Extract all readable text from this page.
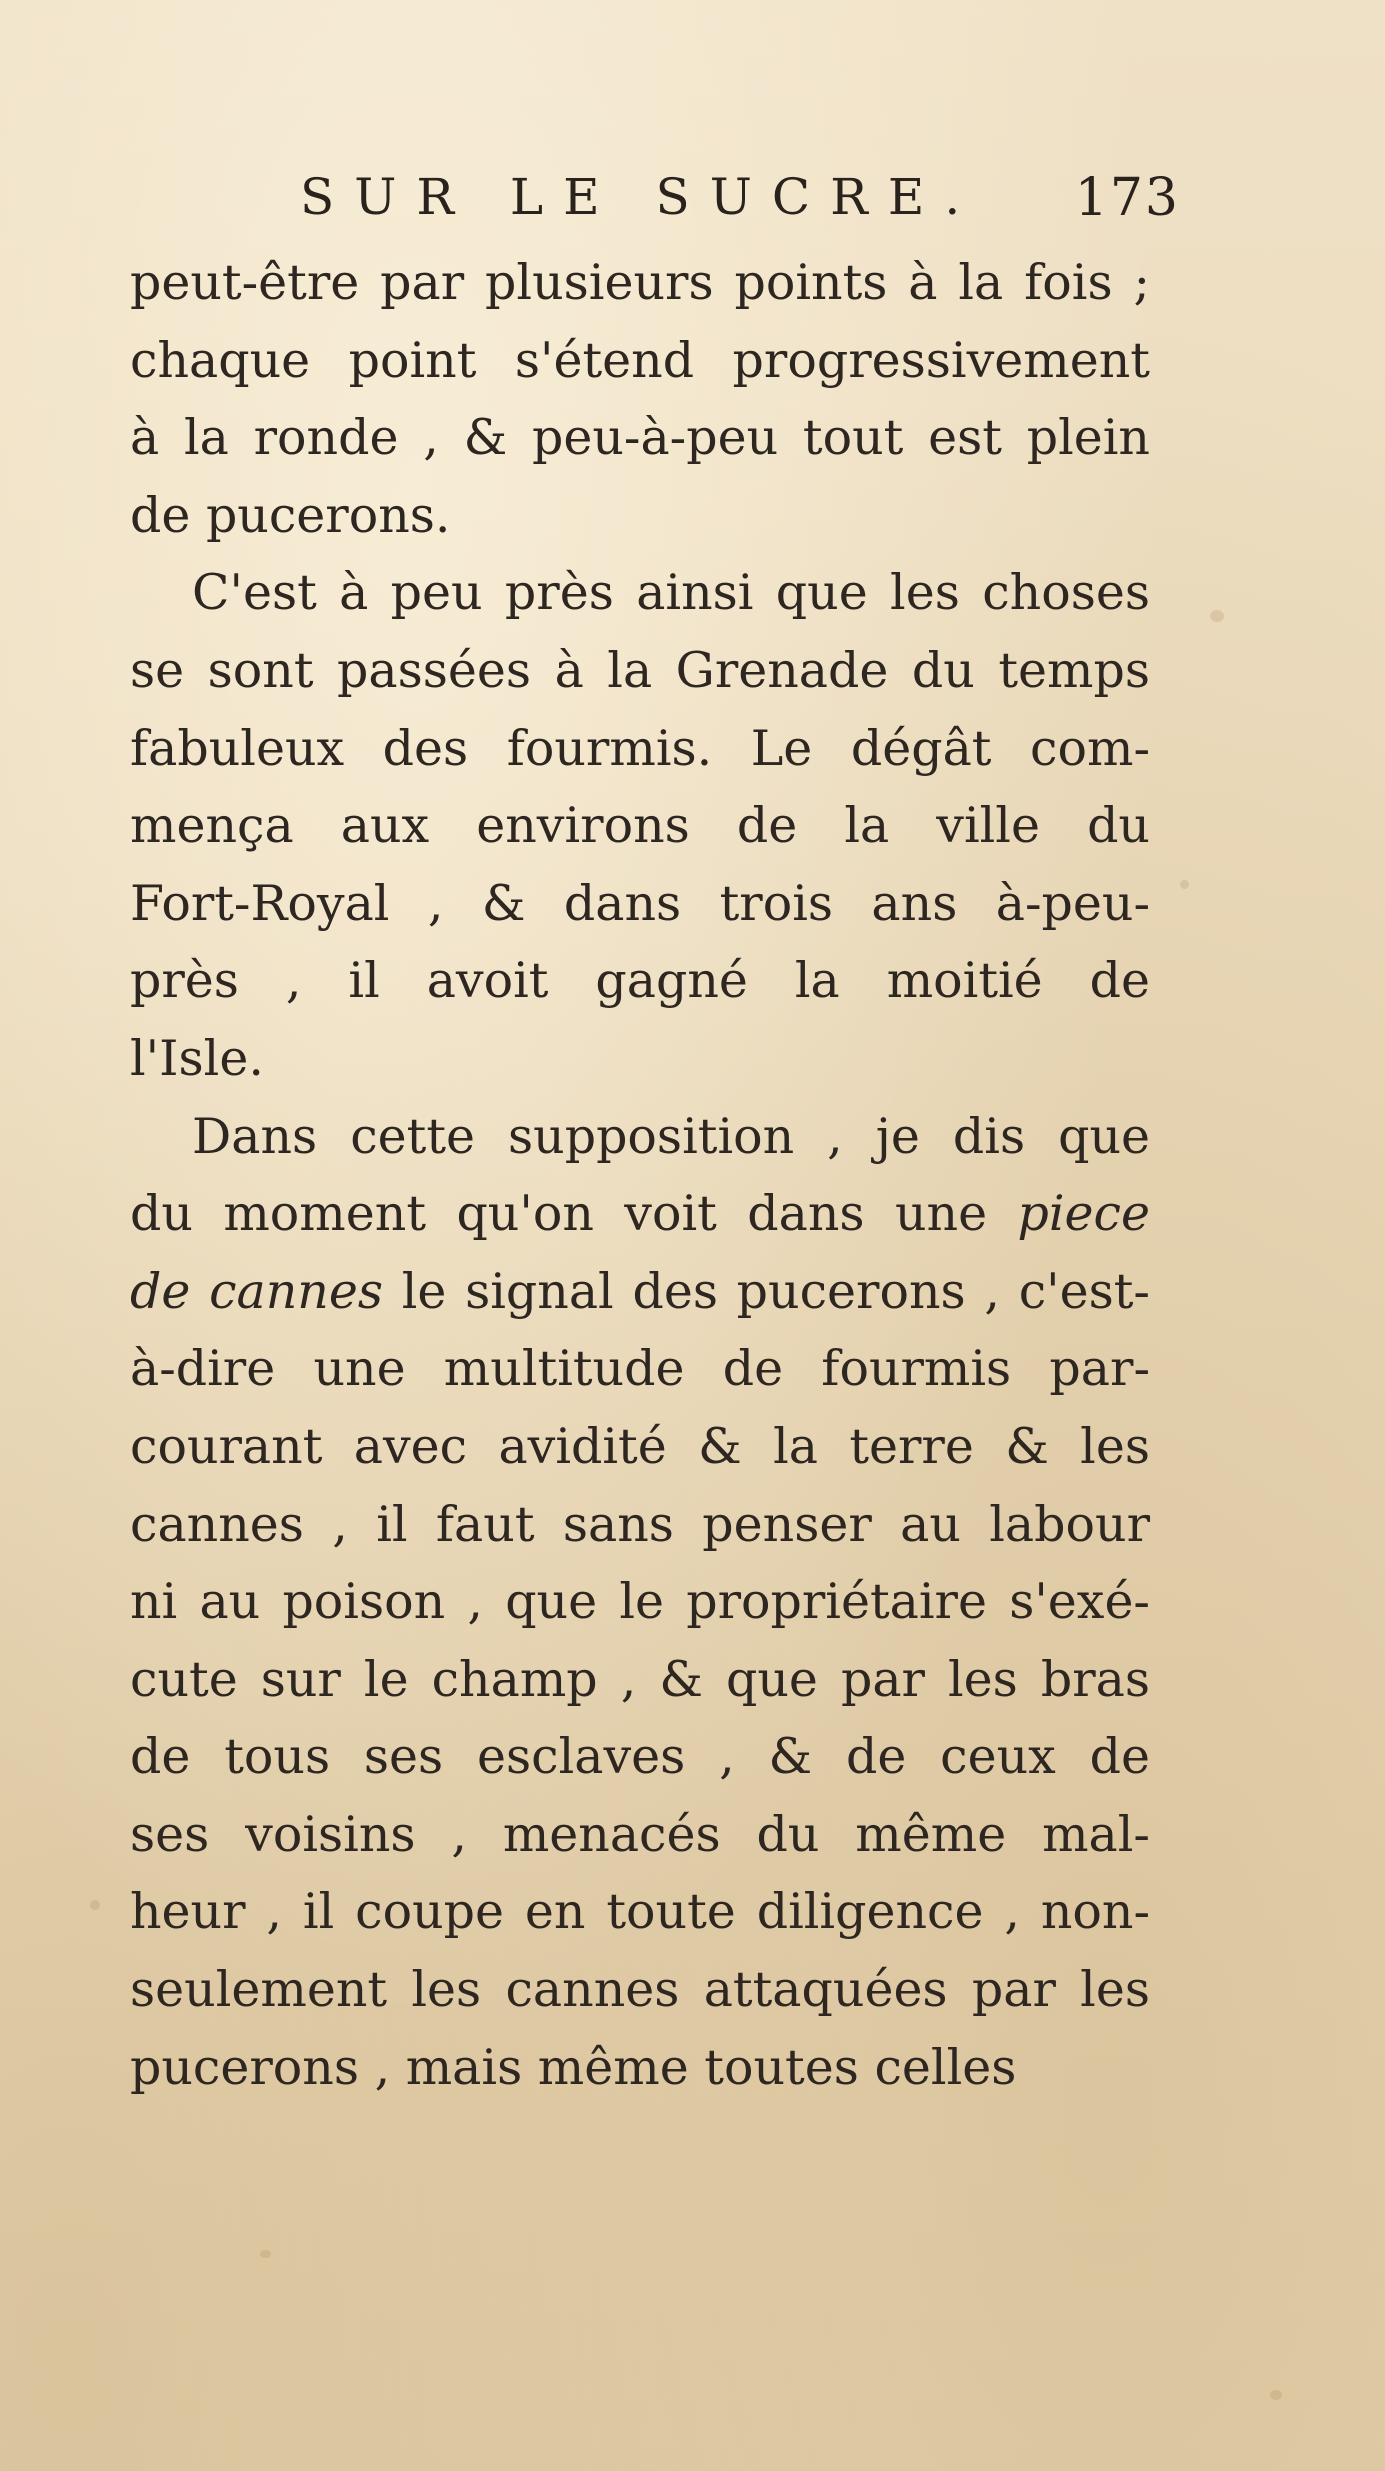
SUR LE SUCRE. 173
peut-être par plusieurs points à la fois ;
chaque point s'étend progressivement
à la ronde , & peu-à-peu tout est plein
de pucerons.
C'est à peu près ainsi que les choses
se sont passées à la Grenade du temps
fabuleux des fourmis. Le dégât com-
mença aux environs de la ville du
Fort-Royal , & dans trois ans à-peu-
près , il avoit gagné la moitié de
l'Isle.
Dans cette supposition , je dis que
du moment qu'on voit dans une piece
de cannes le signal des pucerons , c'est-
à-dire une multitude de fourmis par-
courant avec avidité & la terre & les
cannes , il faut sans penser au labour
ni au poison , que le propriétaire s'exé-
cute sur le champ , & que par les bras
de tous ses esclaves , & de ceux de
ses voisins , menacés du même mal-
heur , il coupe en toute diligence , non-
seulement les cannes attaquées par les
pucerons , mais même toutes celles
